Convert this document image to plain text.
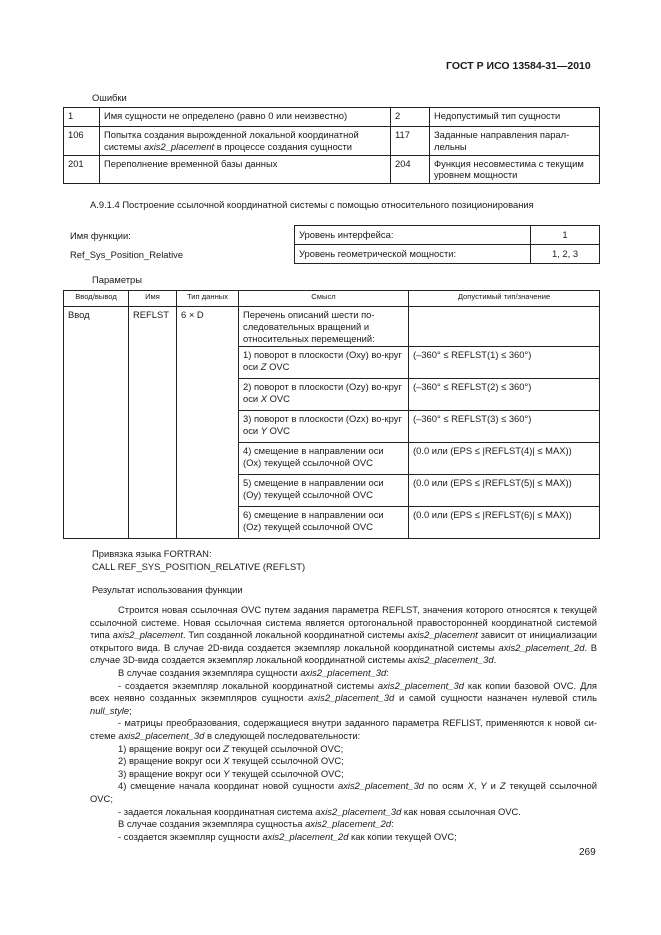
ГОСТ Р ИСО 13584-31—2010
Ошибки
1	Имя сущности не определено (равно 0 или неизвестно)	2	Недопустимый тип сущности
106	Попытка создания вырожденной локальной координатной системы axis2_placement в процессе создания сущности	117	Заданные направления парал-лельны
201	Переполнение временной базы данных	204	Функция несовместима с текущим уровнем мощности
A.9.1.4 Построение ссылочной координатной системы с помощью относительного позиционирования
Имя функции:
Ref_Sys_Position_Relative
Уровень интерфейса:	1
Уровень геометрической мощности:	1, 2, 3
Параметры
Ввод/вывод	Имя	Тип данных	Смысл	Допустимый тип/значение
Ввод	REFLST	6 × D	Перечень описаний шести по-следовательных вращений и относительных перемещений:	
			1) поворот в плоскости (Oxy) во-круг оси Z OVC	(–360° ≤ REFLST(1) ≤ 360°)
			2) поворот в плоскости (Ozy) во-круг оси X OVC	(–360° ≤ REFLST(2) ≤ 360°)
			3) поворот в плоскости (Ozx) во-круг оси Y OVC	(–360° ≤ REFLST(3) ≤ 360°)
			4) смещение в направлении оси (Ox) текущей ссылочной OVC	(0.0 или (EPS ≤ |REFLST(4)| ≤ MAX))
			5) смещение в направлении оси (Oy) текущей ссылочной OVC	(0.0 или (EPS ≤ |REFLST(5)| ≤ MAX))
			6) смещение в направлении оси (Oz) текущей ссылочной OVC	(0.0 или (EPS ≤ |REFLST(6)| ≤ MAX))
Привязка языка FORTRAN:
CALL REF_SYS_POSITION_RELATIVE (REFLST)
Результат использования функции

Строится новая ссылочная OVC путем задания параметра REFLST, значения которого относятся к текущей ссылочной системе. Новая ссылочная система является ортогональной правосторонней координатной системой типа axis2_placement. Тип созданной локальной координатной системы axis2_placement зависит от инициализации открытого вида. В случае 2D-вида создается экземпляр локальной координатной системы axis2_placement_2d. В случае 3D-вида создается экземпляр локальной координатной системы axis2_placement_3d.

В случае создания экземпляра сущности axis2_placement_3d:

- создается экземпляр локальной координатной системы axis2_placement_3d как копии базовой OVC. Для всех неявно созданных экземпляров сущности axis2_placement_3d и самой сущности назначен нулевой стиль null_style;

- матрицы преобразования, содержащиеся внутри заданного параметра REFLIST, применяются к новой си-стеме axis2_placement_3d в следующей последовательности:

1) вращение вокруг оси Z текущей ссылочной OVC;

2) вращение вокруг оси X текущей ссылочной OVC;

3) вращение вокруг оси Y текущей ссылочной OVC;

4) смещение начала координат новой сущности axis2_placement_3d по осям X, Y и Z текущей ссылочной OVC;

- задается локальная координатная система axis2_placement_3d как новая ссылочная OVC.

В случае создания экземпляра сущностьа axis2_placement_2d:

- создается экземпляр сущности axis2_placement_2d как копии текущей OVC;

269
